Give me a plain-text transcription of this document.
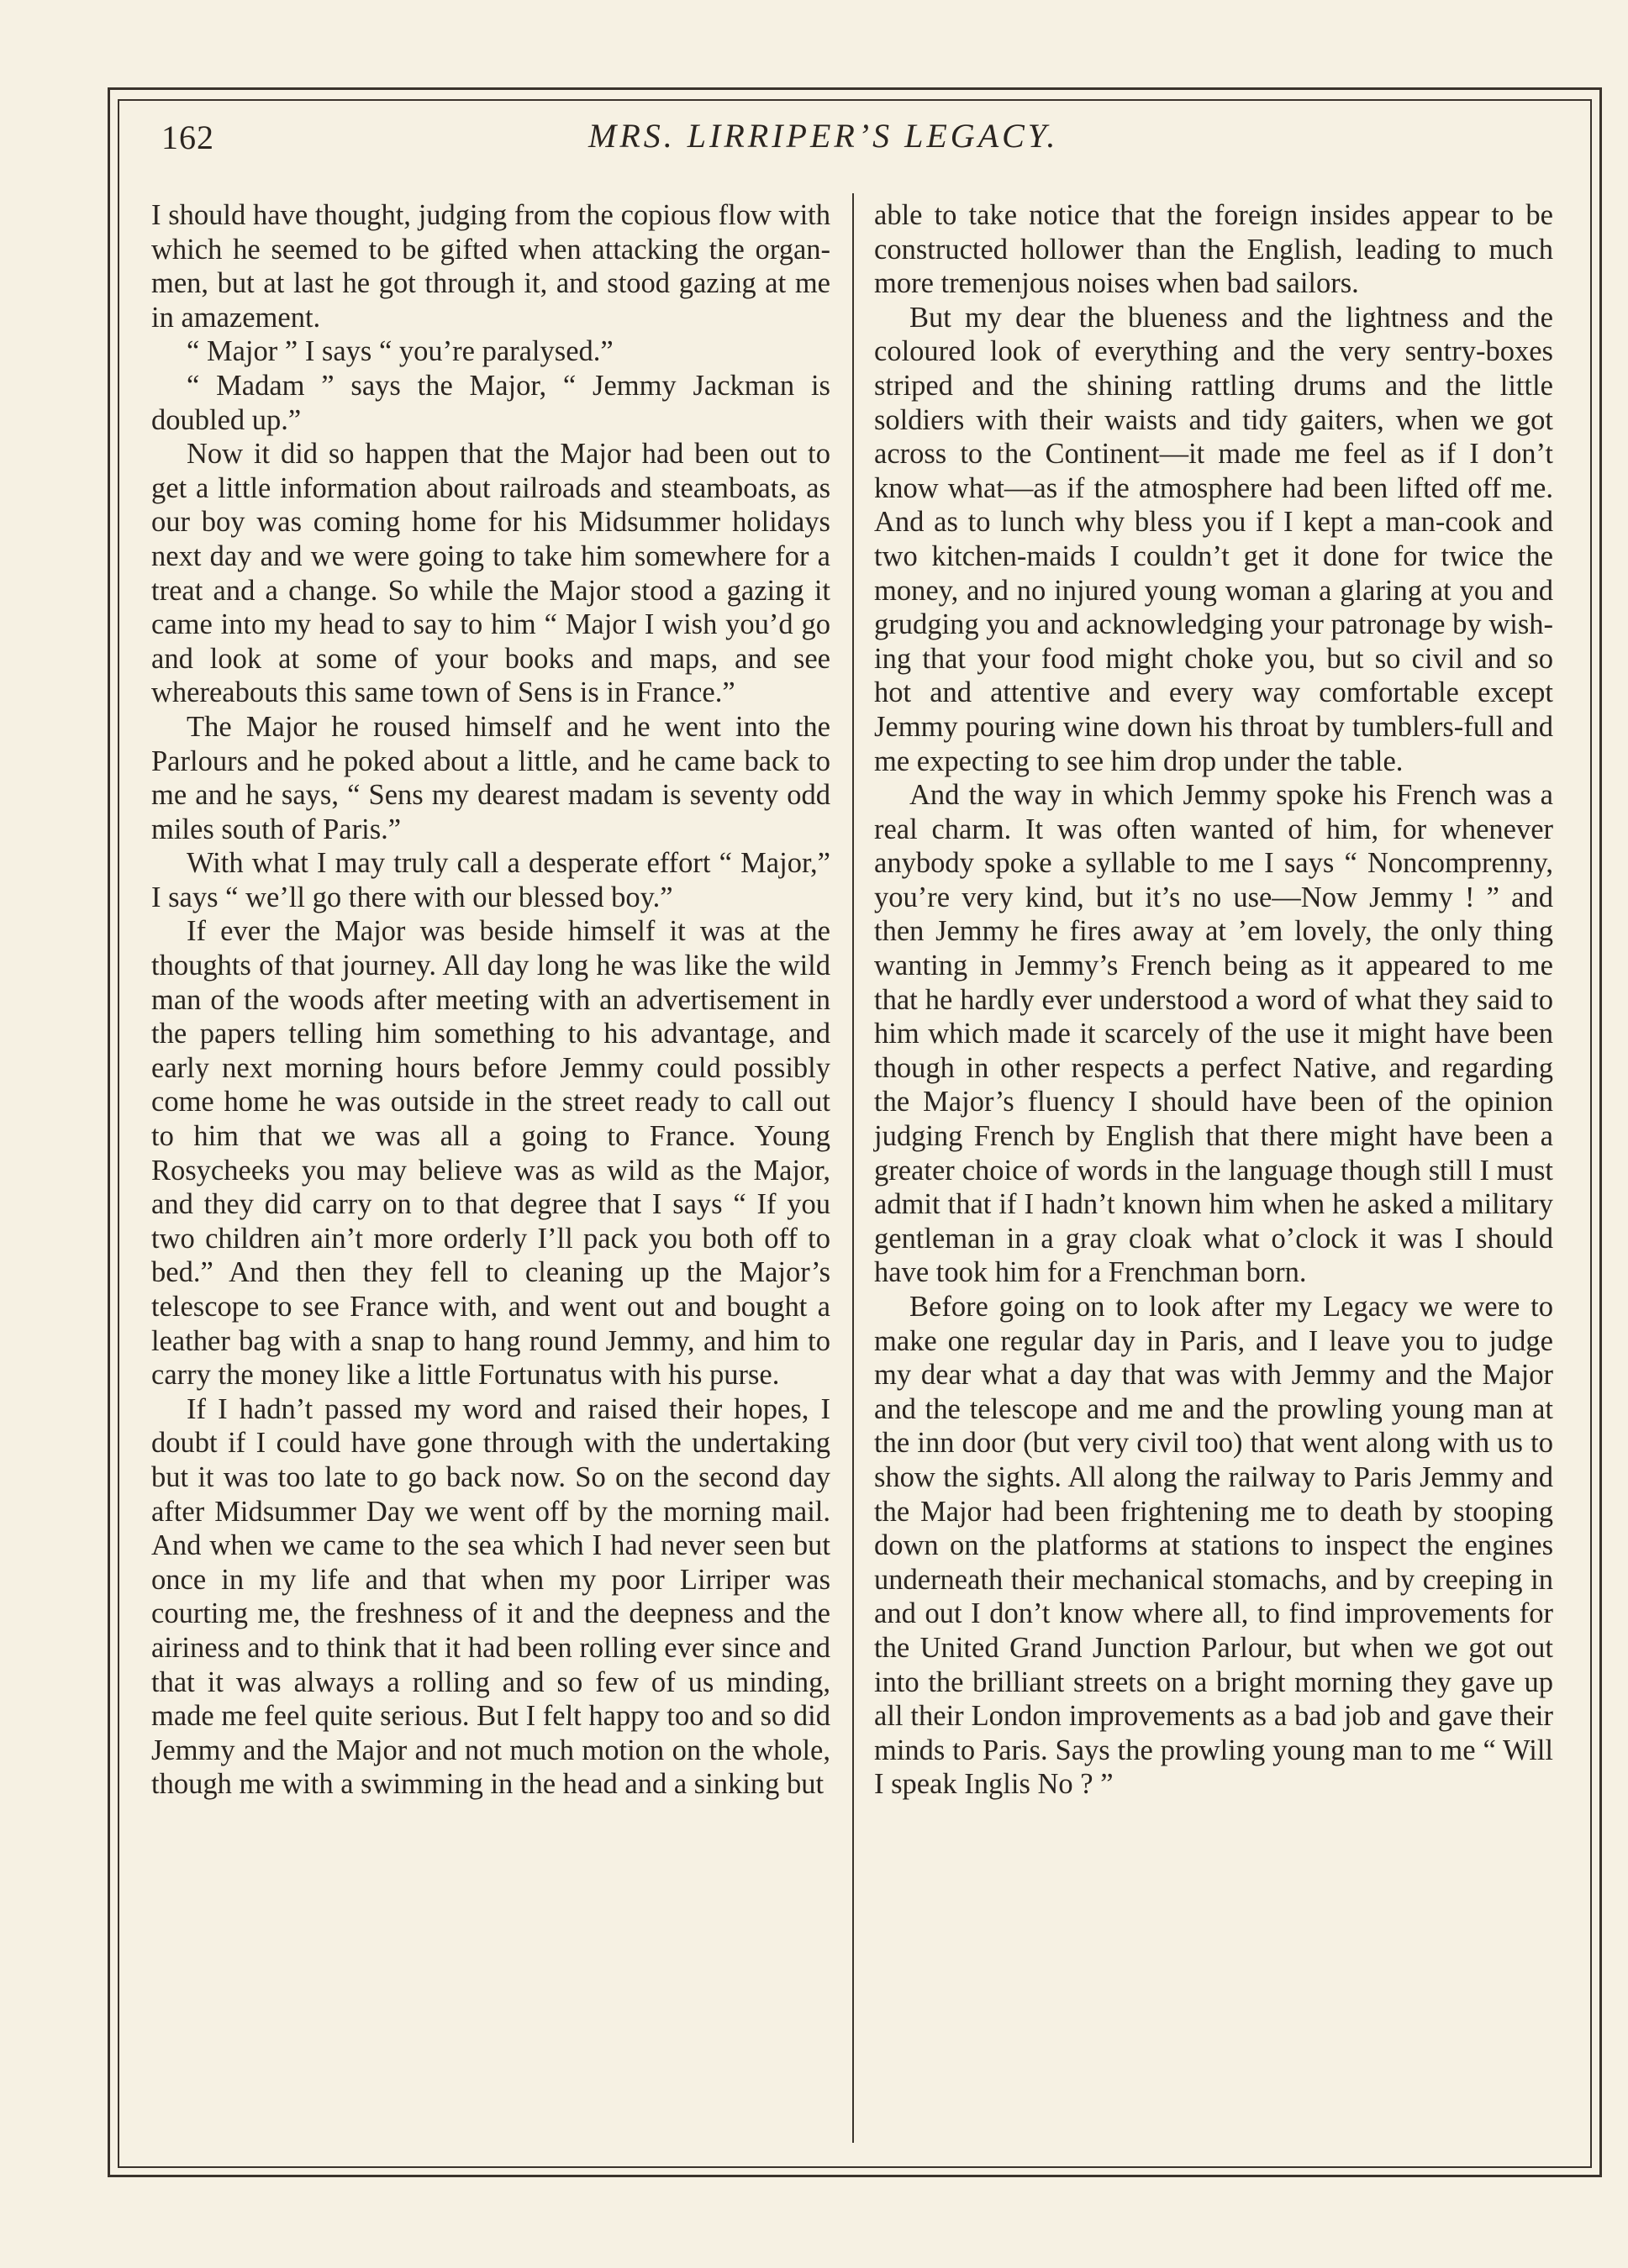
162	MRS. LIRRIPER’S LEGACY.

I should have thought, judging from the copious flow with which he seemed to be gifted when attacking the organ-men, but at last he got through it, and stood gazing at me in amazement.

“ Major ” I says “ you’re paralysed.”

“ Madam ” says the Major, “ Jemmy Jackman is doubled up.”

Now it did so happen that the Major had been out to get a little information about railroads and steamboats, as our boy was coming home for his Midsummer holidays next day and we were going to take him somewhere for a treat and a change. So while the Major stood a gazing it came into my head to say to him “ Major I wish you’d go and look at some of your books and maps, and see whereabouts this same town of Sens is in France.”

The Major he roused himself and he went into the Parlours and he poked about a little, and he came back to me and he says, “ Sens my dearest madam is seventy odd miles south of Paris.”

With what I may truly call a desperate effort “ Major,” I says “ we’ll go there with our blessed boy.”

If ever the Major was beside himself it was at the thoughts of that journey. All day long he was like the wild man of the woods after meeting with an advertisement in the papers telling him something to his advantage, and early next morning hours before Jemmy could possibly come home he was outside in the street ready to call out to him that we was all a going to France. Young Rosycheeks you may believe was as wild as the Major, and they did carry on to that degree that I says “ If you two children ain’t more orderly I’ll pack you both off to bed.” And then they fell to cleaning up the Major’s telescope to see France with, and went out and bought a leather bag with a snap to hang round Jemmy, and him to carry the money like a little Fortunatus with his purse.

If I hadn’t passed my word and raised their hopes, I doubt if I could have gone through with the undertaking but it was too late to go back now. So on the second day after Midsummer Day we went off by the morning mail. And when we came to the sea which I had never seen but once in my life and that when my poor Lirriper was courting me, the freshness of it and the deepness and the airiness and to think that it had been rolling ever since and that it was always a rolling and so few of us minding, made me feel quite serious. But I felt happy too and so did Jemmy and the Major and not much motion on the whole, though me with a swimming in the head and a sinking but

able to take notice that the foreign insides appear to be constructed hollower than the English, leading to much more tremenjous noises when bad sailors.

But my dear the blueness and the lightness and the coloured look of everything and the very sentry-boxes striped and the shining rattling drums and the little soldiers with their waists and tidy gaiters, when we got across to the Continent—it made me feel as if I don’t know what—as if the atmosphere had been lifted off me. And as to lunch why bless you if I kept a man-cook and two kitchen-maids I couldn’t get it done for twice the money, and no injured young woman a glaring at you and grudging you and acknowledging your patronage by wishing that your food might choke you, but so civil and so hot and attentive and every way comfortable except Jemmy pouring wine down his throat by tumblers-full and me expecting to see him drop under the table.

And the way in which Jemmy spoke his French was a real charm. It was often wanted of him, for whenever anybody spoke a syllable to me I says “ Noncomprenny, you’re very kind, but it’s no use—Now Jemmy ! ” and then Jemmy he fires away at ’em lovely, the only thing wanting in Jemmy’s French being as it appeared to me that he hardly ever understood a word of what they said to him which made it scarcely of the use it might have been though in other respects a perfect Native, and regarding the Major’s fluency I should have been of the opinion judging French by English that there might have been a greater choice of words in the language though still I must admit that if I hadn’t known him when he asked a military gentleman in a gray cloak what o’clock it was I should have took him for a Frenchman born.

Before going on to look after my Legacy we were to make one regular day in Paris, and I leave you to judge my dear what a day that was with Jemmy and the Major and the telescope and me and the prowling young man at the inn door (but very civil too) that went along with us to show the sights. All along the railway to Paris Jemmy and the Major had been frightening me to death by stooping down on the platforms at stations to inspect the engines underneath their mechanical stomachs, and by creeping in and out I don’t know where all, to find improvements for the United Grand Junction Parlour, but when we got out into the brilliant streets on a bright morning they gave up all their London improvements as a bad job and gave their minds to Paris. Says the prowling young man to me “ Will I speak Inglis No ? ”
